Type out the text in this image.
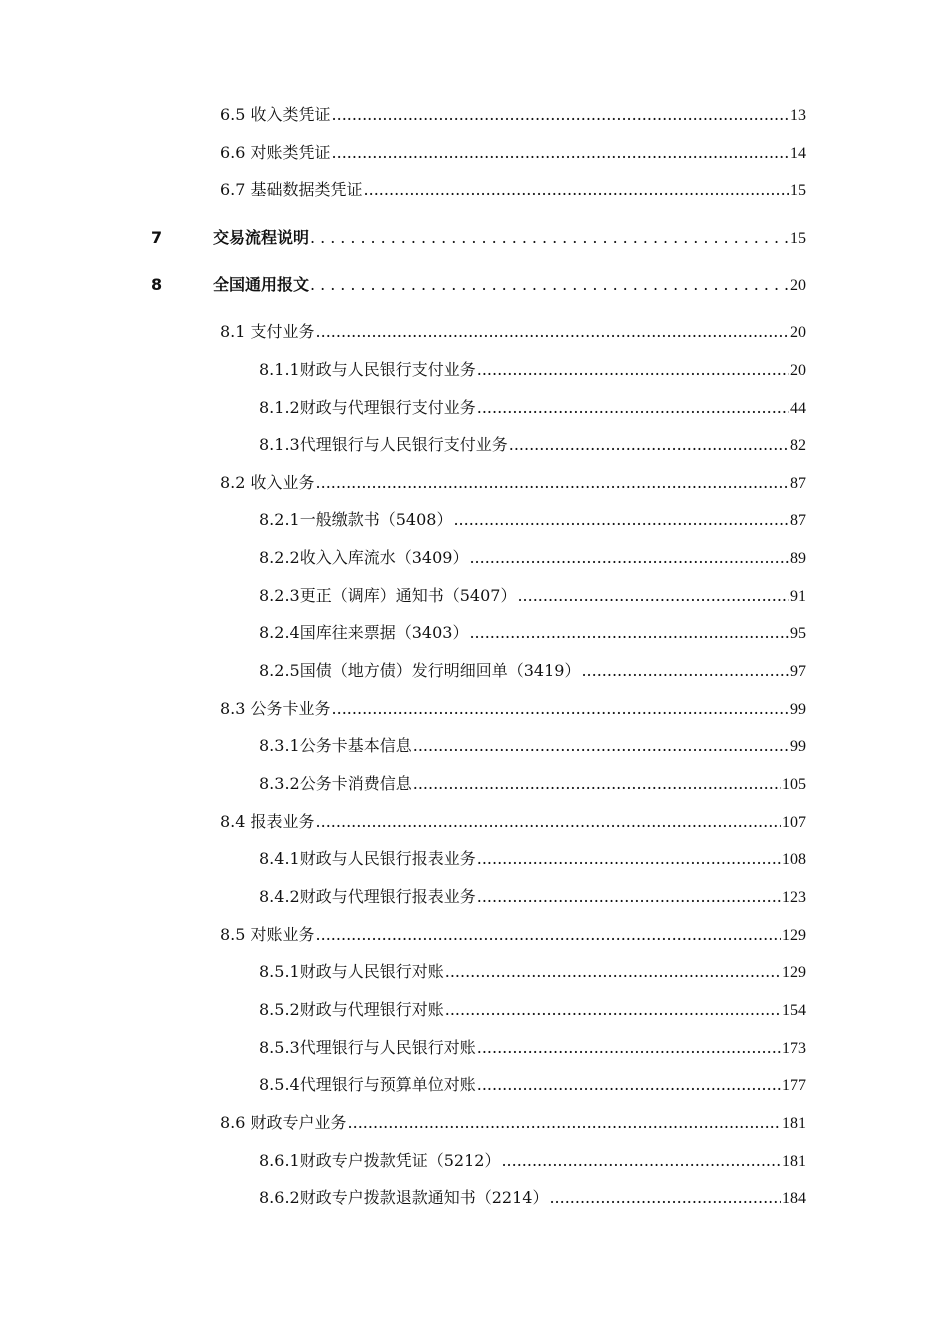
6.5 收入类凭证 .....	13
6.6 对账类凭证 .....	14
6.7 基础数据类凭证 .....	15
7	交易流程说明 .....	15
8	全国通用报文 .....	20
8.1 支付业务 .....	20
8.1.1 财政与人民银行支付业务 .....	20
8.1.2 财政与代理银行支付业务 .....	44
8.1.3 代理银行与人民银行支付业务 .....	82
8.2 收入业务 .....	87
8.2.1 一般缴款书（5408） .....	87
8.2.2 收入入库流水（3409） .....	89
8.2.3 更正（调库）通知书（5407） .....	91
8.2.4 国库往来票据（3403） .....	95
8.2.5 国债（地方债）发行明细回单（3419） .....	97
8.3 公务卡业务 .....	99
8.3.1 公务卡基本信息 .....	99
8.3.2 公务卡消费信息 .....	105
8.4 报表业务 .....	107
8.4.1 财政与人民银行报表业务 .....	108
8.4.2 财政与代理银行报表业务 .....	123
8.5 对账业务 .....	129
8.5.1 财政与人民银行对账 .....	129
8.5.2 财政与代理银行对账 .....	154
8.5.3 代理银行与人民银行对账 .....	173
8.5.4 代理银行与预算单位对账 .....	177
8.6 财政专户业务 .....	181
8.6.1 财政专户拨款凭证（5212） .....	181
8.6.2 财政专户拨款退款通知书（2214） .....	184
